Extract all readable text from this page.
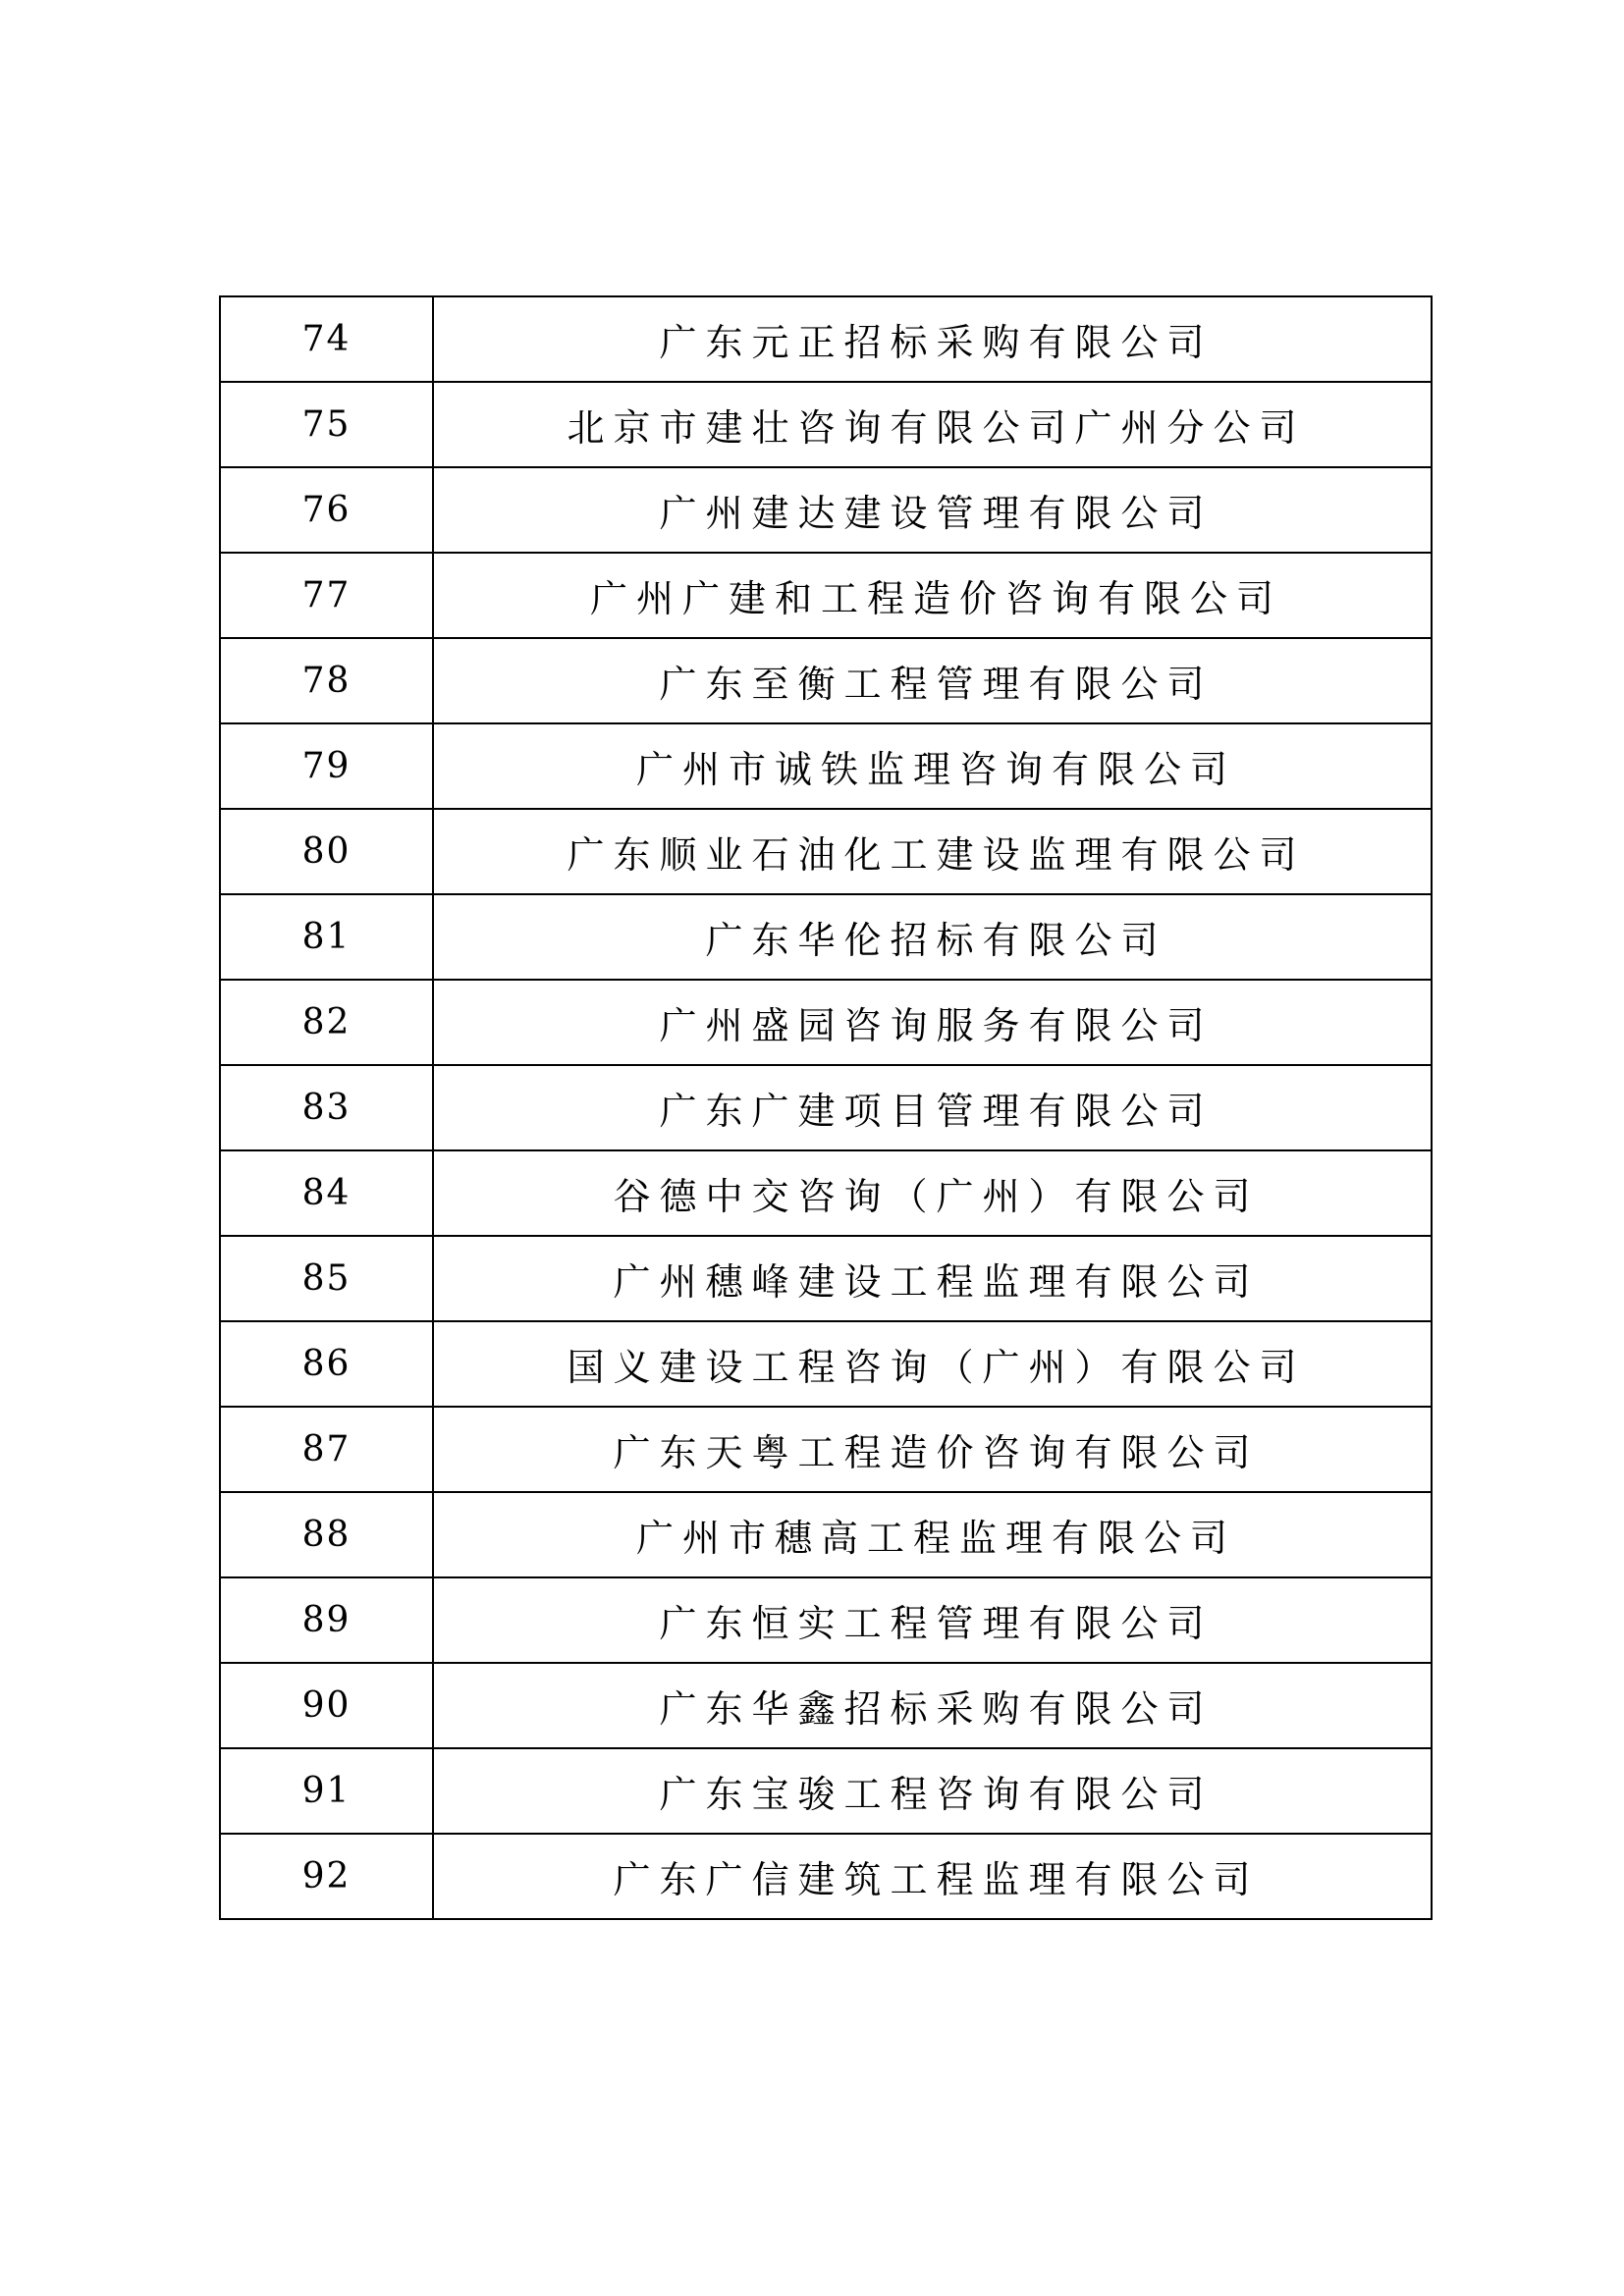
74	广东元正招标采购有限公司
75	北京市建壮咨询有限公司广州分公司
76	广州建达建设管理有限公司
77	广州广建和工程造价咨询有限公司
78	广东至衡工程管理有限公司
79	广州市诚铁监理咨询有限公司
80	广东顺业石油化工建设监理有限公司
81	广东华伦招标有限公司
82	广州盛园咨询服务有限公司
83	广东广建项目管理有限公司
84	谷德中交咨询（广州）有限公司
85	广州穗峰建设工程监理有限公司
86	国义建设工程咨询（广州）有限公司
87	广东天粤工程造价咨询有限公司
88	广州市穗高工程监理有限公司
89	广东恒实工程管理有限公司
90	广东华鑫招标采购有限公司
91	广东宝骏工程咨询有限公司
92	广东广信建筑工程监理有限公司
